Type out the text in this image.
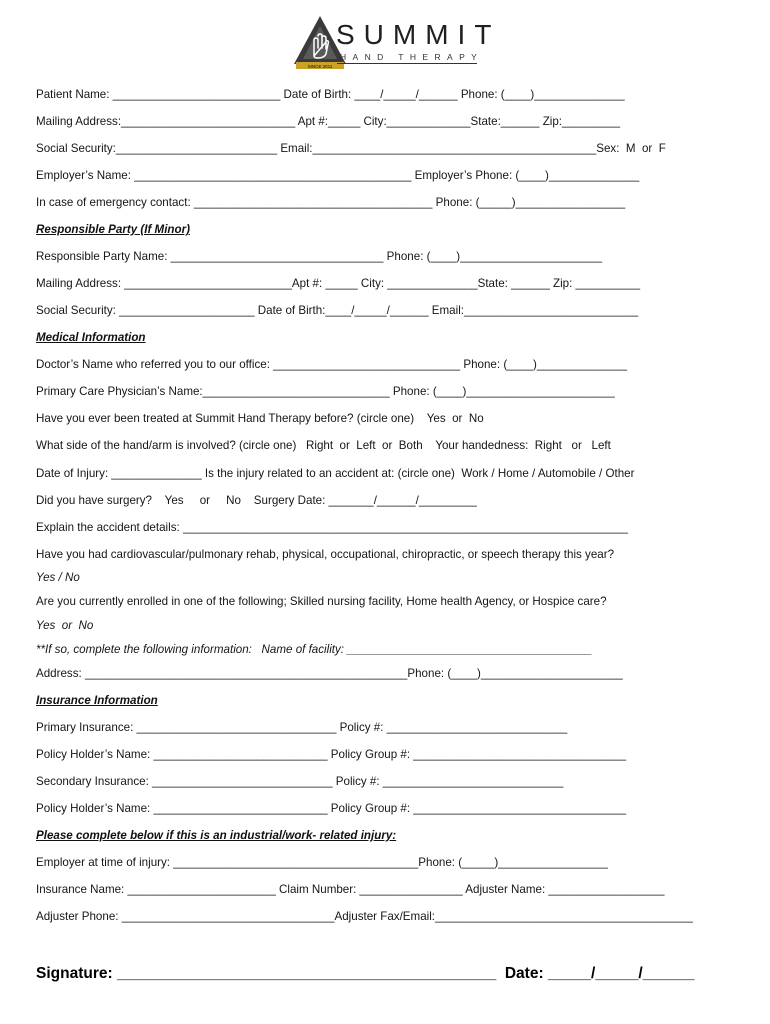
SINCE 2011
SUMMIT
HAND THERAPY
Patient Name: __________________________ Date of Birth: ____/_____/______ Phone: (____)______________
Mailing Address:___________________________ Apt #:_____ City:_____________State:______ Zip:_________
Social Security:_________________________ Email:____________________________________________Sex:  M  or  F
Employer’s Name: ___________________________________________ Employer’s Phone: (____)______________
In case of emergency contact: _____________________________________ Phone: (_____)_________________
Responsible Party (If Minor)
Responsible Party Name: _________________________________ Phone: (____)______________________
Mailing Address: __________________________Apt #: _____ City: ______________State: ______ Zip: __________
Social Security: _____________________ Date of Birth:____/_____/______ Email:___________________________
Medical Information
Doctor’s Name who referred you to our office: _____________________________ Phone: (____)______________
Primary Care Physician’s Name:_____________________________ Phone: (____)_______________________
Have you ever been treated at Summit Hand Therapy before? (circle one)    Yes  or  No
What side of the hand/arm is involved? (circle one)   Right  or  Left  or  Both    Your handedness:  Right   or   Left
Date of Injury: ______________ Is the injury related to an accident at: (circle one)  Work / Home / Automobile / Other
Did you have surgery?    Yes     or     No    Surgery Date: _______/______/_________
Explain the accident details: _____________________________________________________________________
Have you had cardiovascular/pulmonary rehab, physical, occupational, chiropractic, or speech therapy this year?
Yes / No
Are you currently enrolled in one of the following; Skilled nursing facility, Home health Agency, or Hospice care?
Yes  or  No
**If so, complete the following information:   Name of facility: ______________________________________
Address: __________________________________________________Phone: (____)______________________
Insurance Information
Primary Insurance: _______________________________ Policy #: ____________________________
Policy Holder’s Name: ___________________________ Policy Group #: _________________________________
Secondary Insurance: ____________________________ Policy #: ____________________________
Policy Holder’s Name: ___________________________ Policy Group #: _________________________________
Please complete below if this is an industrial/work- related injury:
Employer at time of injury: ______________________________________Phone: (_____)_________________
Insurance Name: _______________________ Claim Number: ________________ Adjuster Name: __________________
Adjuster Phone: _________________________________Adjuster Fax/Email:________________________________________
Signature: ____________________________________________  Date: _____/_____/______
